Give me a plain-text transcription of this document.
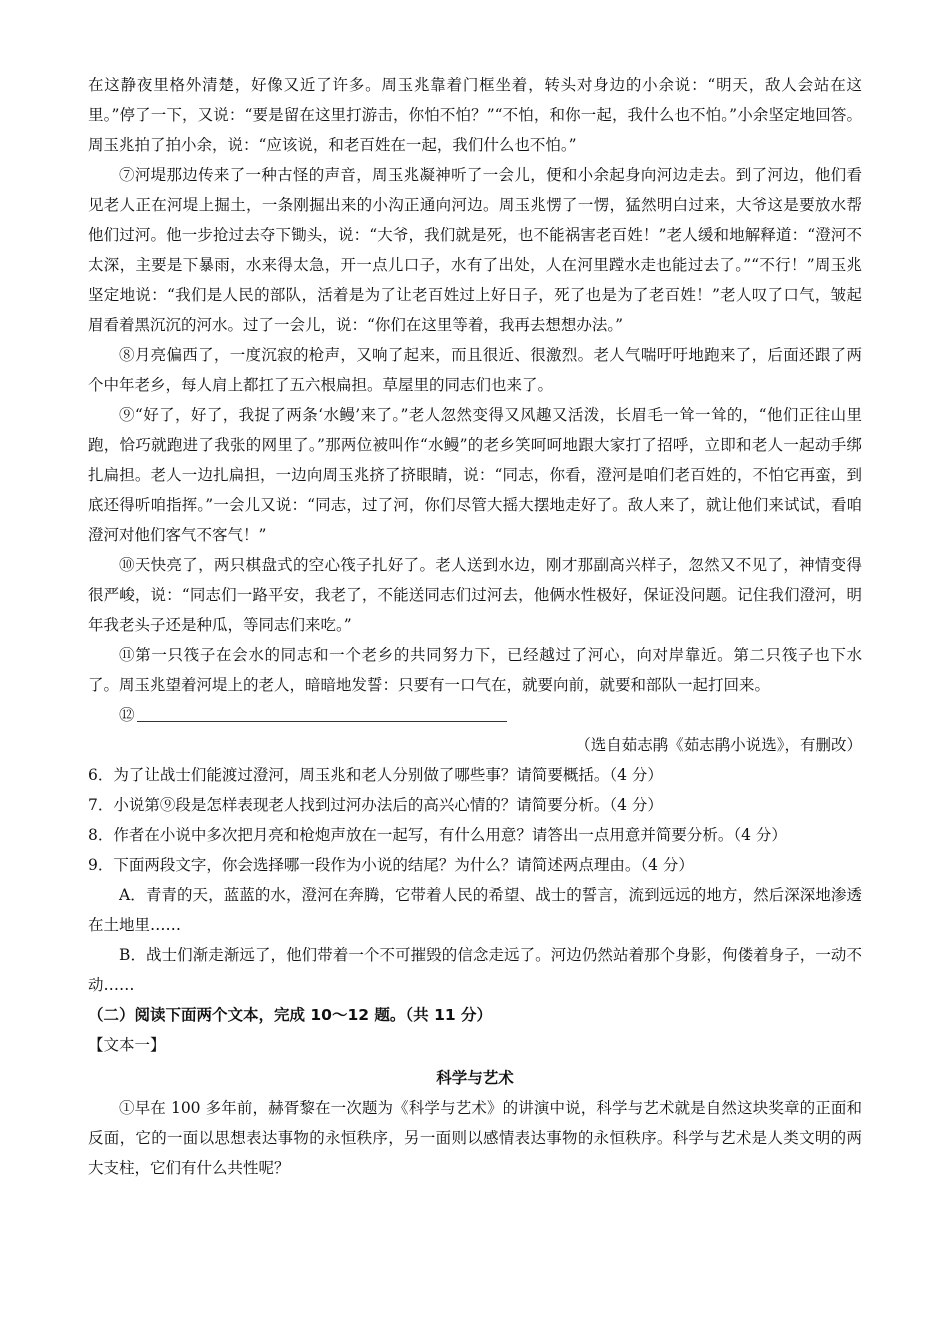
在这静夜里格外清楚，好像又近了许多。周玉兆靠着门框坐着，转头对身边的小余说：“明天，敌人会站在这里。”停了一下，又说：“要是留在这里打游击，你怕不怕？”“不怕，和你一起，我什么也不怕。”小余坚定地回答。周玉兆拍了拍小余，说：“应该说，和老百姓在一起，我们什么也不怕。”

⑦河堤那边传来了一种古怪的声音，周玉兆凝神听了一会儿，便和小余起身向河边走去。到了河边，他们看见老人正在河堤上掘土，一条刚掘出来的小沟正通向河边。周玉兆愣了一愣，猛然明白过来，大爷这是要放水帮他们过河。他一步抢过去夺下锄头，说：“大爷，我们就是死，也不能祸害老百姓！”老人缓和地解释道：“澄河不太深，主要是下暴雨，水来得太急，开一点儿口子，水有了出处，人在河里蹚水走也能过去了。”“不行！”周玉兆坚定地说：“我们是人民的部队，活着是为了让老百姓过上好日子，死了也是为了老百姓！”老人叹了口气，皱起眉看着黑沉沉的河水。过了一会儿，说：“你们在这里等着，我再去想想办法。”

⑧月亮偏西了，一度沉寂的枪声，又响了起来，而且很近、很激烈。老人气喘吁吁地跑来了，后面还跟了两个中年老乡，每人肩上都扛了五六根扁担。草屋里的同志们也来了。

⑨“好了，好了，我捉了两条‘水鳗’来了。”老人忽然变得又风趣又活泼，长眉毛一耸一耸的，“他们正往山里跑，恰巧就跑进了我张的网里了。”那两位被叫作“水鳗”的老乡笑呵呵地跟大家打了招呼，立即和老人一起动手绑扎扁担。老人一边扎扁担，一边向周玉兆挤了挤眼睛，说：“同志，你看，澄河是咱们老百姓的，不怕它再蛮，到底还得听咱指挥。”一会儿又说：“同志，过了河，你们尽管大摇大摆地走好了。敌人来了，就让他们来试试，看咱澄河对他们客气不客气！”

⑩天快亮了，两只棋盘式的空心筏子扎好了。老人送到水边，刚才那副高兴样子，忽然又不见了，神情变得很严峻，说：“同志们一路平安，我老了，不能送同志们过河去，他俩水性极好，保证没问题。记住我们澄河，明年我老头子还是种瓜，等同志们来吃。”

⑪第一只筏子在会水的同志和一个老乡的共同努力下，已经越过了河心，向对岸靠近。第二只筏子也下水了。周玉兆望着河堤上的老人，暗暗地发誓：只要有一口气在，就要向前，就要和部队一起打回来。

⑫

（选自茹志鹃《茹志鹃小说选》，有删改）

6．为了让战士们能渡过澄河，周玉兆和老人分别做了哪些事？请简要概括。（4 分）

7．小说第⑨段是怎样表现老人找到过河办法后的高兴心情的？请简要分析。（4 分）

8．作者在小说中多次把月亮和枪炮声放在一起写，有什么用意？请答出一点用意并简要分析。（4 分）

9．下面两段文字，你会选择哪一段作为小说的结尾？为什么？请简述两点理由。（4 分）

A．青青的天，蓝蓝的水，澄河在奔腾，它带着人民的希望、战士的誓言，流到远远的地方，然后深深地渗透在土地里……

B．战士们渐走渐远了，他们带着一个不可摧毁的信念走远了。河边仍然站着那个身影，佝偻着身子，一动不动……

（二）阅读下面两个文本，完成 10～12 题。（共 11 分）

【文本一】

科学与艺术

①早在 100 多年前，赫胥黎在一次题为《科学与艺术》的讲演中说，科学与艺术就是自然这块奖章的正面和反面，它的一面以思想表达事物的永恒秩序，另一面则以感情表达事物的永恒秩序。科学与艺术是人类文明的两大支柱，它们有什么共性呢？
